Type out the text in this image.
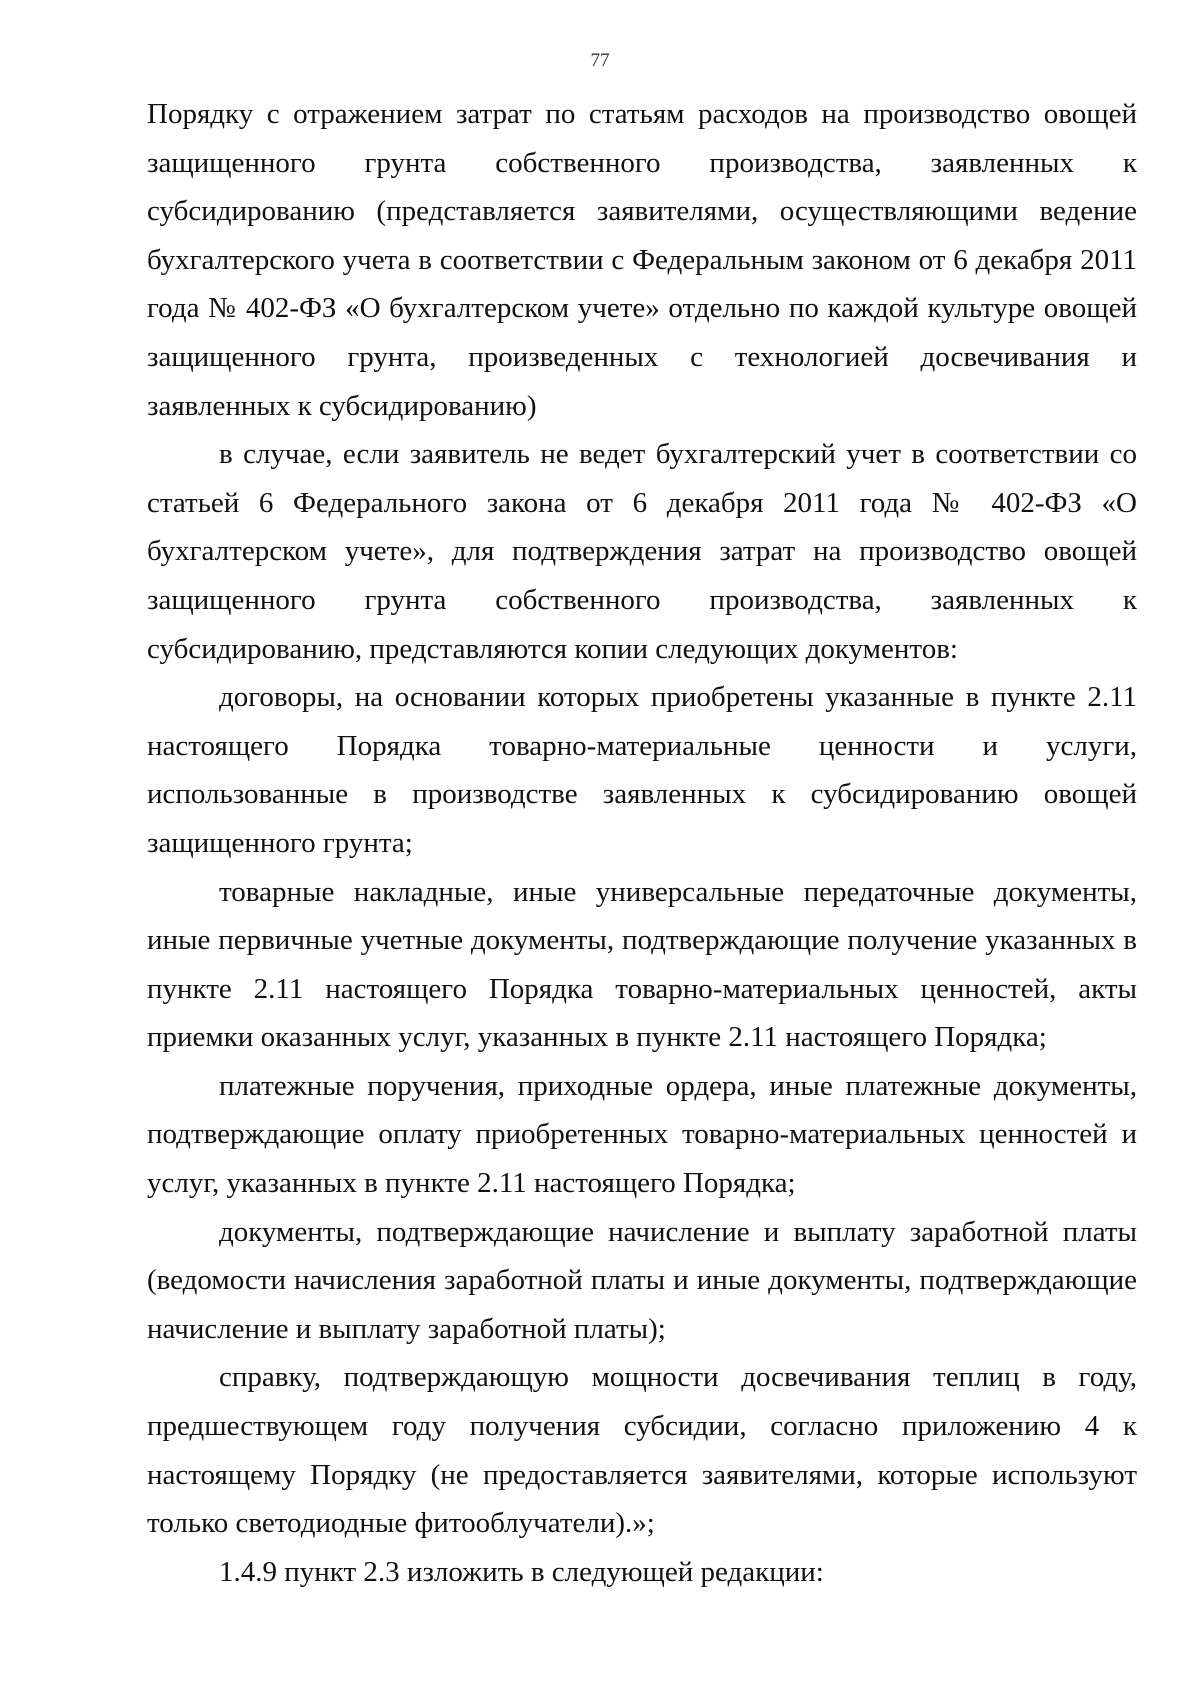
77

Порядку с отражением затрат по статьям расходов на производство овощей защищенного грунта собственного производства, заявленных к субсидированию (представляется заявителями, осуществляющими ведение бухгалтерского учета в соответствии с Федеральным законом от 6 декабря 2011 года № 402-ФЗ «О бухгалтерском учете» отдельно по каждой культуре овощей защищенного грунта, произведенных с технологией досвечивания и заявленных к субсидированию)

в случае, если заявитель не ведет бухгалтерский учет в соответствии со статьей 6 Федерального закона от 6 декабря 2011 года № 402-ФЗ «О бухгалтерском учете», для подтверждения затрат на производство овощей защищенного грунта собственного производства, заявленных к субсидированию, представляются копии следующих документов:

договоры, на основании которых приобретены указанные в пункте 2.11 настоящего Порядка товарно-материальные ценности и услуги, использованные в производстве заявленных к субсидированию овощей защищенного грунта;

товарные накладные, иные универсальные передаточные документы, иные первичные учетные документы, подтверждающие получение указанных в пункте 2.11 настоящего Порядка товарно-материальных ценностей, акты приемки оказанных услуг, указанных в пункте 2.11 настоящего Порядка;

платежные поручения, приходные ордера, иные платежные документы, подтверждающие оплату приобретенных товарно-материальных ценностей и услуг, указанных в пункте 2.11 настоящего Порядка;

документы, подтверждающие начисление и выплату заработной платы (ведомости начисления заработной платы и иные документы, подтверждающие начисление и выплату заработной платы);

справку, подтверждающую мощности досвечивания теплиц в году, предшествующем году получения субсидии, согласно приложению 4 к настоящему Порядку (не предоставляется заявителями, которые используют только светодиодные фитооблучатели).»;

1.4.9 пункт 2.3 изложить в следующей редакции:
